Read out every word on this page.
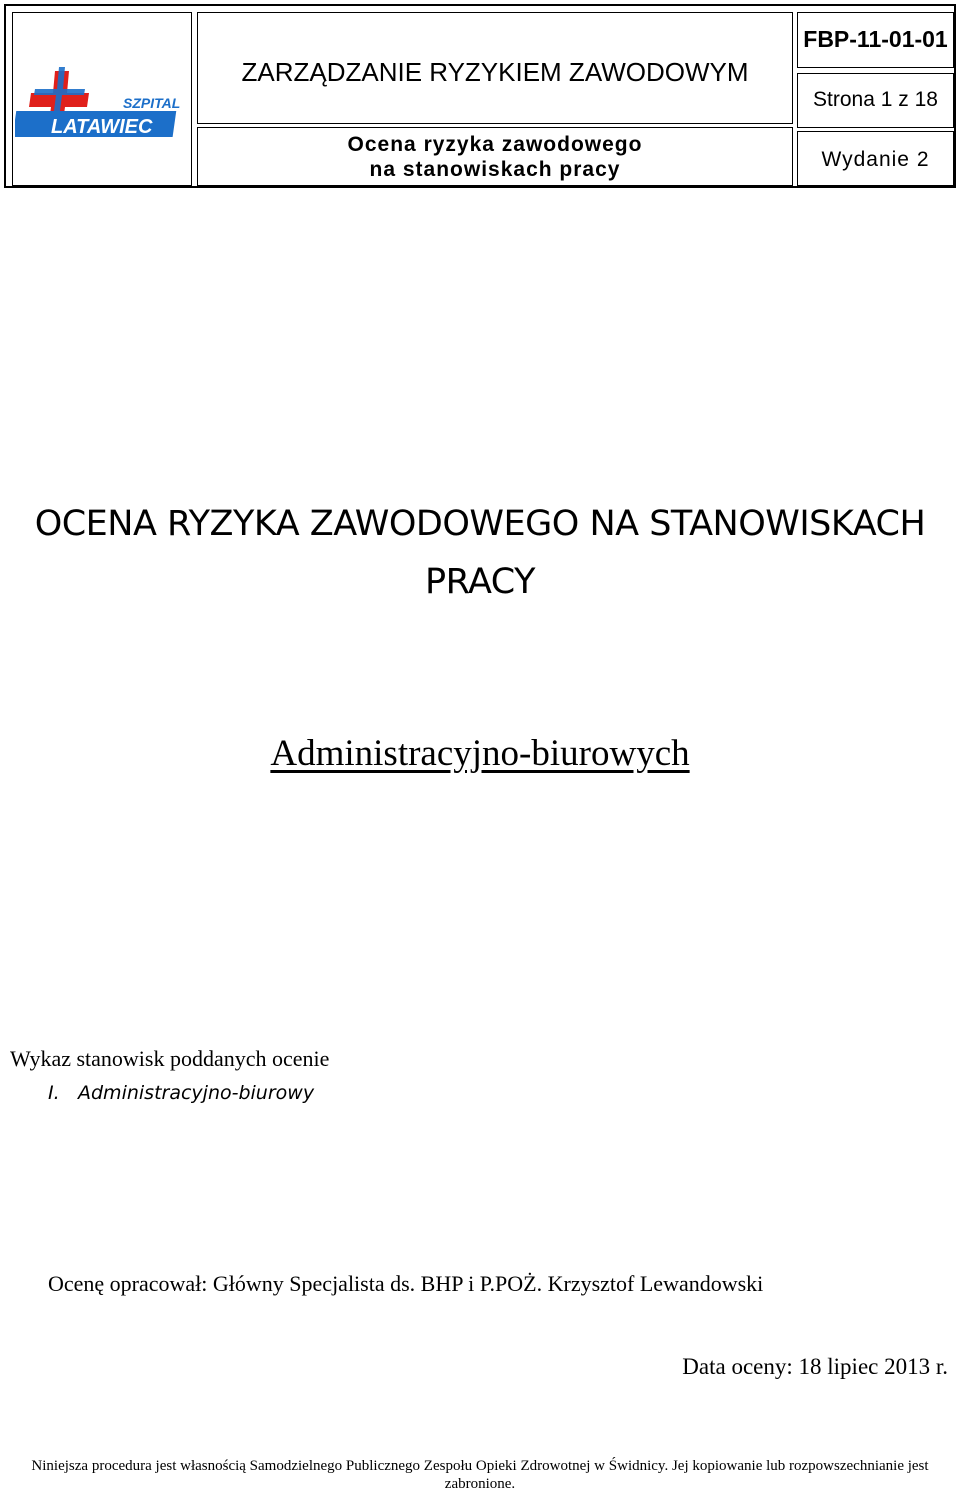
SZPITAL
LATAWIEC
ZARZĄDZANIE RYZYKIEM ZAWODOWYM
Ocena ryzyka zawodowego
na stanowiskach pracy
FBP-11-01-01
Strona 1 z 18
Wydanie 2
OCENA RYZYKA ZAWODOWEGO NA STANOWISKACH
PRACY
Administracyjno-biurowych
Wykaz stanowisk poddanych ocenie
I. Administracyjno-biurowy
Ocenę opracował: Główny Specjalista ds. BHP i P.POŻ. Krzysztof Lewandowski
Data oceny: 18 lipiec 2013 r.
Niniejsza procedura jest własnością Samodzielnego Publicznego Zespołu Opieki Zdrowotnej w Świdnicy. Jej kopiowanie lub rozpowszechnianie jest zabronione.
